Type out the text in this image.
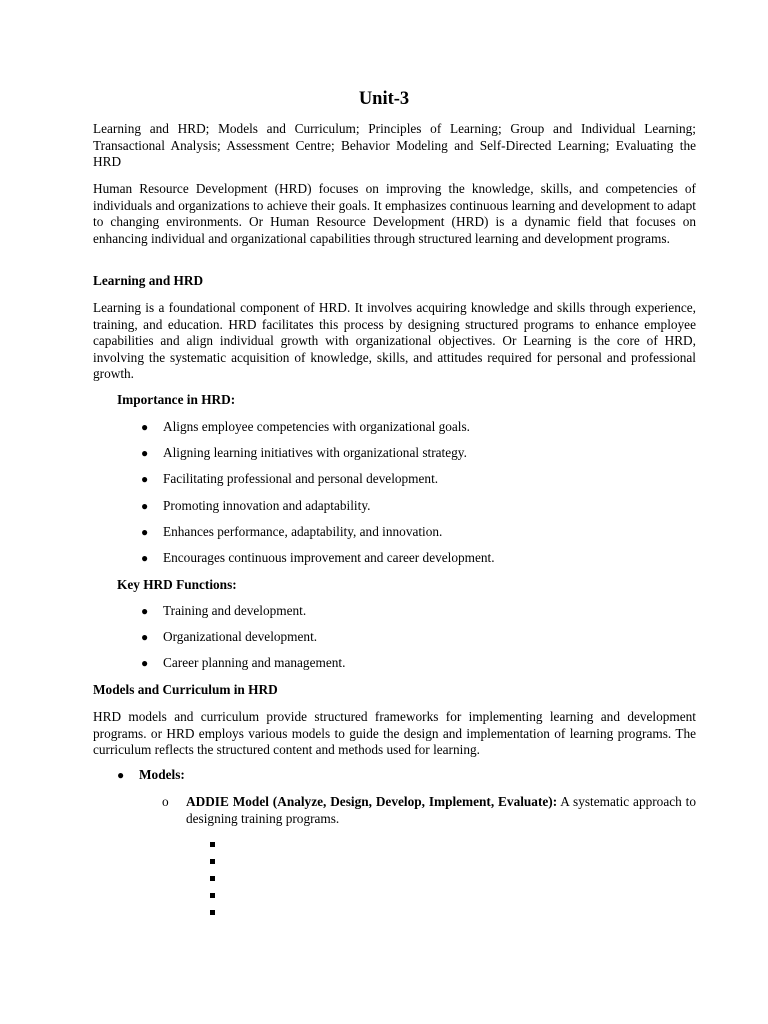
Unit-3

Learning and HRD; Models and Curriculum; Principles of Learning; Group and Individual Learning; Transactional Analysis; Assessment Centre; Behavior Modeling and Self-Directed Learning; Evaluating the HRD

Human Resource Development (HRD) focuses on improving the knowledge, skills, and competencies of individuals and organizations to achieve their goals. It emphasizes continuous learning and development to adapt to changing environments. Or Human Resource Development (HRD) is a dynamic field that focuses on enhancing individual and organizational capabilities through structured learning and development programs.

Learning and HRD

Learning is a foundational component of HRD. It involves acquiring knowledge and skills through experience, training, and education. HRD facilitates this process by designing structured programs to enhance employee capabilities and align individual growth with organizational objectives. Or Learning is the core of HRD, involving the systematic acquisition of knowledge, skills, and attitudes required for personal and professional growth.

Importance in HRD:

● Aligns employee competencies with organizational goals.
● Aligning learning initiatives with organizational strategy.
● Facilitating professional and personal development.
● Promoting innovation and adaptability.
● Enhances performance, adaptability, and innovation.
● Encourages continuous improvement and career development.

Key HRD Functions:

● Training and development.
● Organizational development.
● Career planning and management.

Models and Curriculum in HRD

HRD models and curriculum provide structured frameworks for implementing learning and development programs. or HRD employs various models to guide the design and implementation of learning programs. The curriculum reflects the structured content and methods used for learning.

● Models:
o ADDIE Model (Analyze, Design, Develop, Implement, Evaluate): A systematic approach to designing training programs.
